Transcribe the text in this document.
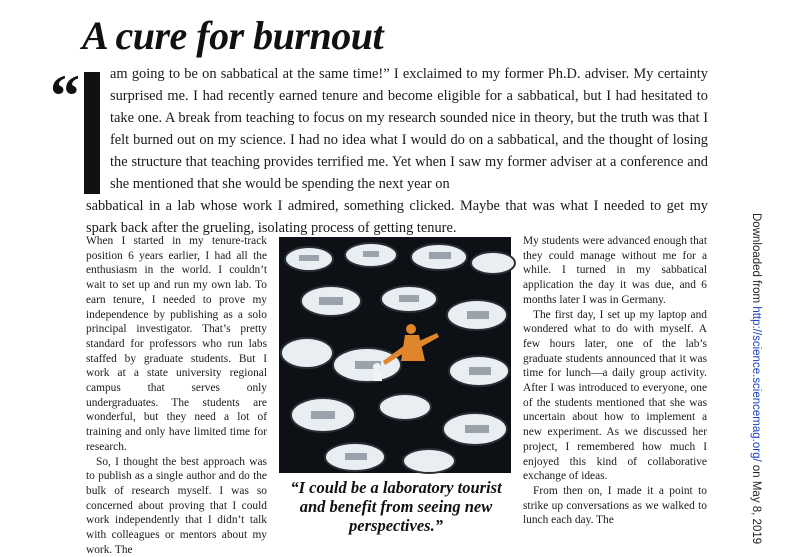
A cure for burnout
“ am going to be on sabbatical at the same time!” I exclaimed to my former Ph.D. adviser. My certainty surprised me. I had recently earned tenure and become eligible for a sabbatical, but I had hesitated to take one. A break from teaching to focus on my research sounded nice in theory, but the truth was that I felt burned out on my science. I had no idea what I would do on a sabbatical, and the thought of losing the structure that teaching provides terrified me. Yet when I saw my former adviser at a conference and she mentioned that she would be spending the next year on

sabbatical in a lab whose work I admired, something clicked. Maybe that was what I needed to get my spark back after the grueling, isolating process of getting tenure.

When I started in my tenure-track position 6 years earlier, I had all the enthusiasm in the world. I couldn’t wait to set up and run my own lab. To earn tenure, I needed to prove my independence by publishing as a solo principal investigator. That’s pretty standard for professors who run labs staffed by graduate students. But I work at a state university regional campus that serves only undergraduates. The students are wonderful, but they need a lot of training and only have limited time for research.

So, I thought the best approach was to publish as a single author and do the bulk of research myself. I was so concerned about proving that I could work independently that I didn’t talk with colleagues or mentors about my work. The

“I could be a laboratory tourist and benefit from seeing new perspectives.”

My students were advanced enough that they could manage without me for a while. I turned in my sabbatical application the day it was due, and 6 months later I was in Germany.

The first day, I set up my laptop and wondered what to do with myself. A few hours later, one of the lab’s graduate students announced that it was time for lunch—a daily group activity. After I was introduced to everyone, one of the students mentioned that she was uncertain about how to implement a new experiment. As we discussed her project, I remembered how much I enjoyed this kind of collaborative exchange of ideas.

From then on, I made it a point to strike up conversations as we walked to lunch each day. The

Downloaded from http://science.sciencemag.org/ on May 8, 2019
